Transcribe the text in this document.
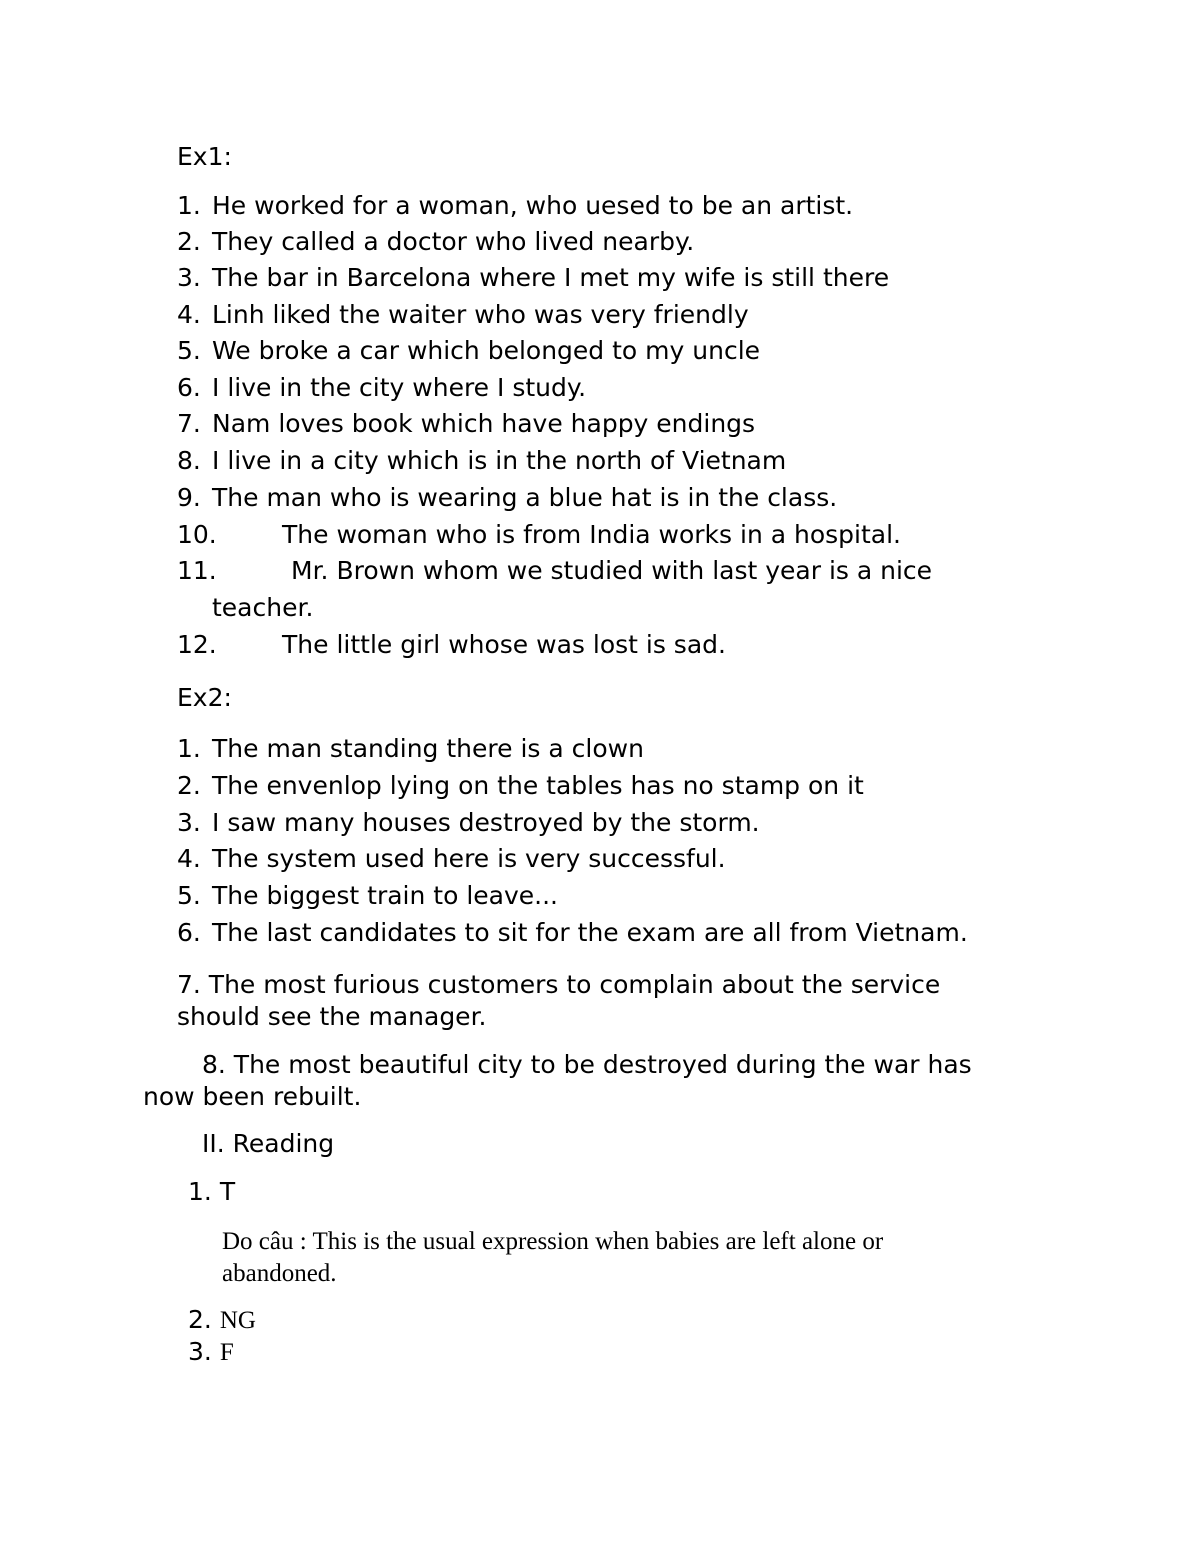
Ex1:
1. He worked for a woman, who uesed to be an artist.
2. They called a doctor who lived nearby.
3. The bar in Barcelona where I met my wife is still there
4. Linh liked the waiter who was very friendly
5. We broke a car which belonged to my uncle
6. I live in the city where I study.
7. Nam loves book which have happy endings
8. I live in a city which is in the north of Vietnam
9. The man who is wearing a blue hat is in the class.
10.	The woman who is from India works in a hospital.
11.	Mr. Brown whom we studied with last year is a nice
teacher.
12.	The little girl whose was lost is sad.
Ex2:
1. The man standing there is a clown
2. The envenlop lying on the tables has no stamp on it
3. I saw many houses destroyed by the storm.
4. The system used here is very successful.
5. The biggest train to leave...
6. The last candidates to sit for the exam are all from Vietnam.
7. The most furious customers to complain about the service
should see the manager.
8. The most beautiful city to be destroyed during the war has
now been rebuilt.
II. Reading
1. T
Do câu : This is the usual expression when babies are left alone or
abandoned.
2. NG
3. F
